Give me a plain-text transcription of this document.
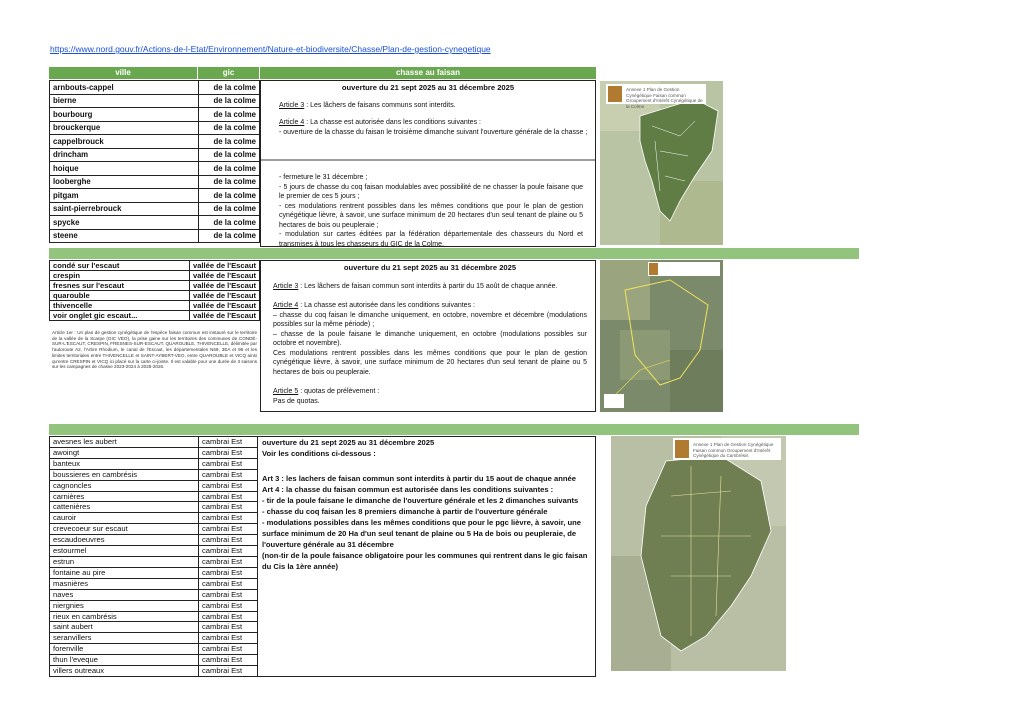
https://www.nord.gouv.fr/Actions-de-l-Etat/Environnement/Nature-et-biodiversite/Chasse/Plan-de-gestion-cynegetique
ville	gic	chasse au faisan
arnbouts-cappel	de la colme
bierne	de la colme
bourbourg	de la colme
brouckerque	de la colme
cappelbrouck	de la colme
drincham	de la colme
hoique	de la colme
looberghe	de la colme
pitgam	de la colme
saint-pierrebrouck	de la colme
spycke	de la colme
steene	de la colme
ouverture du 21 sept 2025 au 31 décembre 2025
Article 3 : Les lâchers de faisans communs sont interdits.
Article 4 : La chasse est autorisée dans les conditions suivantes :
- ouverture de la chasse du faisan le troisième dimanche suivant l'ouverture générale de la chasse ;
- fermeture le 31 décembre ;
- 5 jours de chasse du coq faisan modulables avec possibilité de ne chasser la poule faisane que le premier de ces 5 jours ;
- ces modulations rentrent possibles dans les mêmes conditions que pour le plan de gestion cynégétique lièvre, à savoir, une surface minimum de 20 hectares d'un seul tenant de plaine ou 5 hectares de bois ou peupleraie ;
- modulation sur cartes éditées par la fédération départementale des chasseurs du Nord et transmises à tous les chasseurs du GIC de la Colme.
Annexe 1 Plan de Gestion Cynégétique Faisan commun Groupement d'Intérêt Cynégétique de la Colme
condé sur l'escaut	vallée de l'Escaut
crespin	vallée de l'Escaut
fresnes sur l'escaut	vallée de l'Escaut
quarouble	vallée de l'Escaut
thivencelle	vallée de l'Escaut
voir onglet gic escaut...	vallée de l'Escaut
Article 1er : Un plan de gestion cynégétique de l'espèce faisan commun est instauré sur le territoire de la vallée de la Scarpe (GIC VEO), la prise gaine sur les territoires des communes de CONDÉ-SUR-L'ESCAUT, CRESPIN, FRESNES-SUR-ESCAUT, QUAROUBLE, THIVENCELLE, délimitée par l'autoroute A2, l'Arbre Rhodium, le canal de l'Escaut, les départementales N69, 3EA et 98 et les limites territoriales entre THIVENCELLE et SAINT-AYBERT-VEO, entre QUAROUBLE et VICQ ainsi qu'entre CRESPIN et VICQ ici placé sur la carte ci-jointe. Il est valable pour une durée de 3 saisons sur les campagnes de chasse 2023-2024 à 2025-2026.
ouverture du 21 sept 2025 au 31 décembre 2025
Article 3 : Les lâchers de faisan commun sont interdits à partir du 15 août de chaque année.
Article 4 : La chasse est autorisée dans les conditions suivantes :
– chasse du coq faisan le dimanche uniquement, en octobre, novembre et décembre (modulations possibles sur la même période) ;
– chasse de la poule faisane le dimanche uniquement, en octobre (modulations possibles sur octobre et novembre).
Ces modulations rentrent possibles dans les mêmes conditions que pour le plan de gestion cynégétique lièvre, à savoir, une surface minimum de 20 hectares d'un seul tenant de plaine ou 5 hectares de bois ou peupleraie.
Article 5 : quotas de prélèvement :
Pas de quotas.
avesnes les aubert	cambrai Est
awoingt	cambrai Est
banteux	cambrai Est
boussieres en cambrésis	cambrai Est
cagnoncles	cambrai Est
carnières	cambrai Est
cattenières	cambrai Est
cauroir	cambrai Est
crevecoeur sur escaut	cambrai Est
escaudoeuvres	cambrai Est
estourmel	cambrai Est
estrun	cambrai Est
fontaine au pire	cambrai Est
masnières	cambrai Est
naves	cambrai Est
niergnies	cambrai Est
rieux en cambrésis	cambrai Est
saint aubert	cambrai Est
seranvillers	cambrai Est
forenville	cambrai Est
thun l'eveque	cambrai Est
villers outreaux	cambrai Est
ouverture du 21 sept 2025 au 31 décembre 2025
Voir les conditions ci-dessous :
Art 3 : les lachers de faisan commun sont interdits à partir du 15 aout de chaque année
Art 4 : la chasse du faisan commun est autorisée dans les conditions suivantes :
- tir de la poule faisane le dimanche de l'ouverture générale et les 2 dimanches suivants
- chasse du coq faisan les 8 premiers dimanche à partir de l'ouverture générale
- modulations possibles dans les mêmes conditions que pour le pgc lièvre, à savoir, une surface minimum de 20 Ha d'un seul tenant de plaine ou 5 Ha de bois ou peupleraie, de l'ouverture générale au 31 décembre
(non-tir de la poule faisance obligatoire pour les communes qui rentrent dans le gic faisan du Cis la 1ère année)
Annexe 1 Plan de Gestion Cynégétique Faisan commun Groupement d'Intérêt Cynégétique du Cambrésis
